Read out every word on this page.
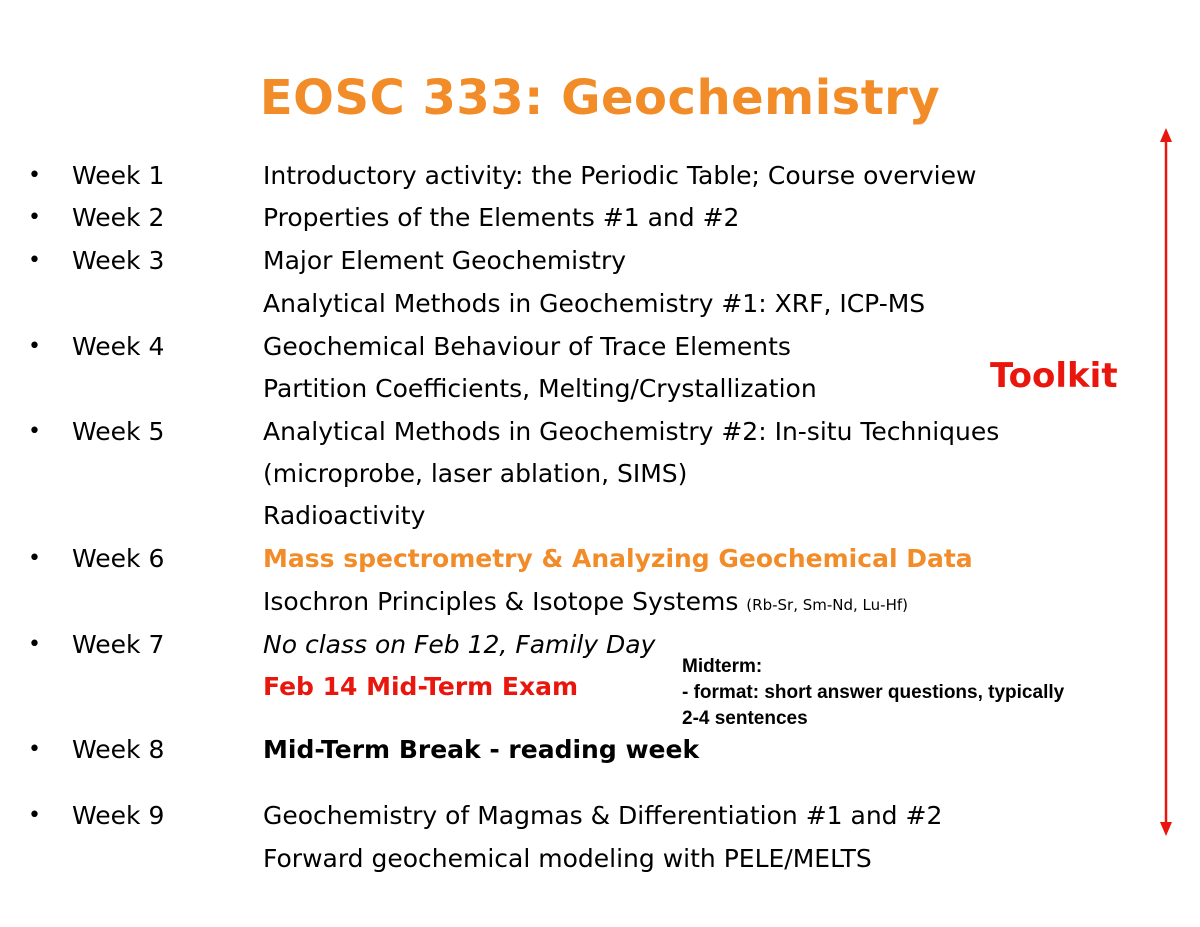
EOSC 333: Geochemistry
• Week 1	Introductory activity: the Periodic Table; Course overview
• Week 2	Properties of the Elements #1 and #2
• Week 3	Major Element Geochemistry
Analytical Methods in Geochemistry #1: XRF, ICP-MS
• Week 4	Geochemical Behaviour of Trace Elements
Partition Coefficients, Melting/Crystallization
• Week 5	Analytical Methods in Geochemistry #2: In-situ Techniques
(microprobe, laser ablation, SIMS)
Radioactivity
• Week 6	Mass spectrometry & Analyzing Geochemical Data
Isochron Principles & Isotope Systems (Rb-Sr, Sm-Nd, Lu-Hf)
• Week 7	No class on Feb 12, Family Day
Feb 14 Mid-Term Exam
• Week 8	Mid-Term Break - reading week
• Week 9	Geochemistry of Magmas & Differentiation #1 and #2
Forward geochemical modeling with PELE/MELTS
Toolkit
Midterm:
- format: short answer questions, typically
2-4 sentences
